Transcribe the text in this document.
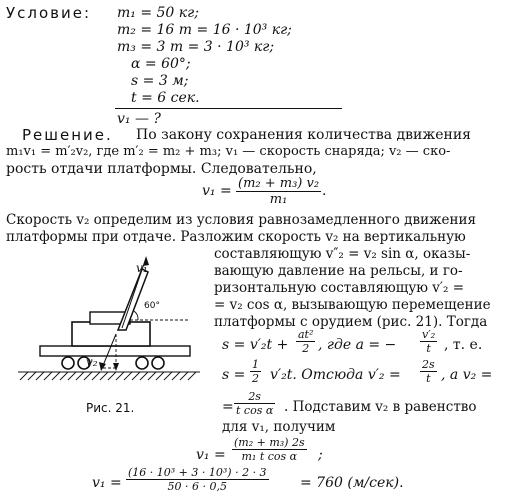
Условие: m₁ = 50 кг;
m₂ = 16 т = 16 · 10³ кг;
m₃ = 3 т = 3 · 10³ кг;
α = 60°;
s = 3 м;
t = 6 сек.
v₁ — ?
Решение. По закону сохранения количества движения
m₁v₁ = m′₂v₂, где m′₂ = m₂ + m₃; v₁ — скорость снаряда; v₂ — ско-
рость отдачи платформы. Следовательно,
v₁ = (m₂ + m₃) v₂
m₁
.
Скорость v₂ определим из условия равнозамедленного движения
платформы при отдаче. Разложим скорость v₂ на вертикальную
составляющую v″₂ = v₂ sin α, оказы-
вающую давление на рельсы, и го-
ризонтальную составляющую v′₂ =
= v₂ cos α, вызывающую перемещение
платформы с орудием (рис. 21). Тогда
s = v′₂t +
at²
2 , где a = −
v′₂
t , т. е.
s =
1
2 v′₂t. Отсюда v′₂ =
2s
t , a v₂ =
=
2s
t cos α . Подставим v₂ в равенство
для v₁, получим
v₁ =
(m₂ + m₃) 2s
m₁ t cos α ;
v₁ =
(16 · 10³ + 3 · 10³) · 2 · 3
50 · 6 · 0,5	= 760 (м/сек).
v₁
60°
v₂
Рис. 21.
